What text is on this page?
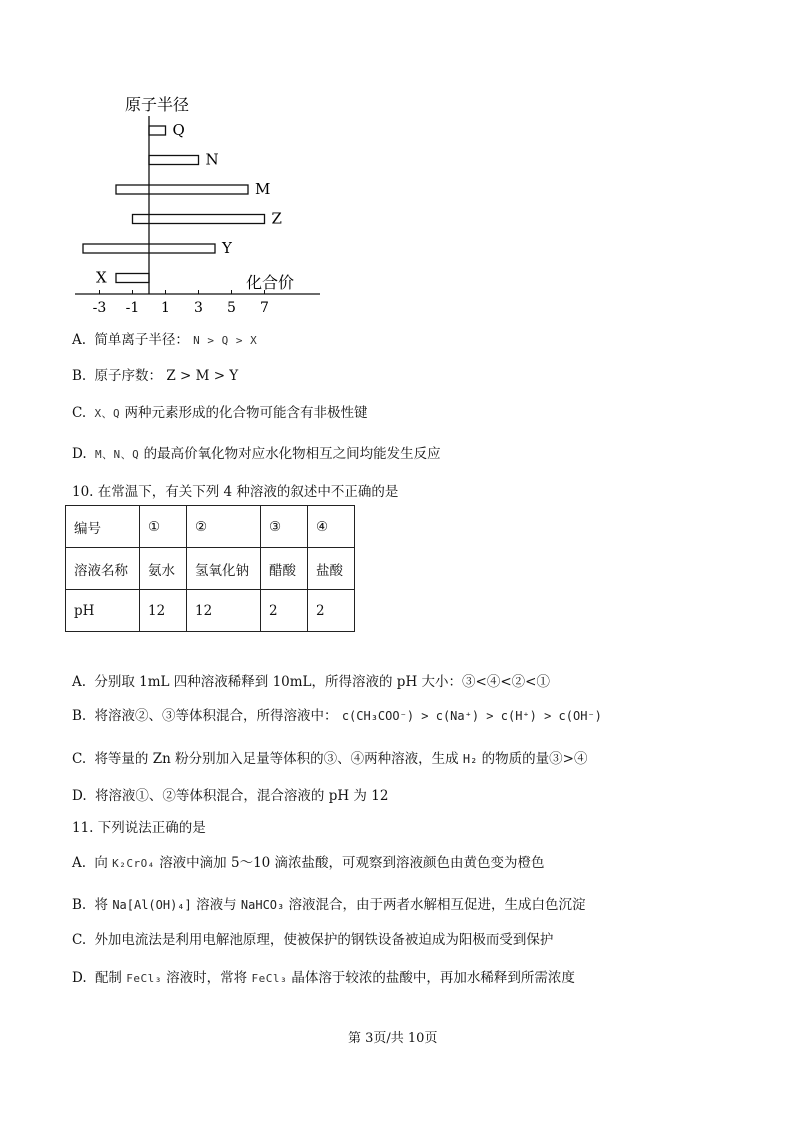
原子半径
化合价
Q
N
M
Z
Y
X
-3 -1 1 3 5 7
A. 简单离子半径： N > Q > X
B. 原子序数： Z > M > Y
C. X、Q 两种元素形成的化合物可能含有非极性键
D. M、N、Q 的最高价氧化物对应水化物相互之间均能发生反应
10. 在常温下，有关下列 4 种溶液的叙述中不正确的是
编号	①	②	③	④
溶液名称	氨水	氢氧化钠	醋酸	盐酸
pH	12	12	2	2
A. 分别取 1mL 四种溶液稀释到 10mL，所得溶液的 pH 大小：③<④<②<①
B. 将溶液②、③等体积混合，所得溶液中： c(CH₃COO⁻) > c(Na⁺) > c(H⁺) > c(OH⁻)
C. 将等量的 Zn 粉分别加入足量等体积的③、④两种溶液，生成 H₂ 的物质的量③>④
D. 将溶液①、②等体积混合，混合溶液的 pH 为 12
11. 下列说法正确的是
A. 向 K₂CrO₄ 溶液中滴加 5～10 滴浓盐酸，可观察到溶液颜色由黄色变为橙色
B. 将 Na[Al(OH)₄] 溶液与 NaHCO₃ 溶液混合，由于两者水解相互促进，生成白色沉淀
C. 外加电流法是利用电解池原理，使被保护的钢铁设备被迫成为阳极而受到保护
D. 配制 FeCl₃ 溶液时，常将 FeCl₃ 晶体溶于较浓的盐酸中，再加水稀释到所需浓度
第 3页/共 10页
